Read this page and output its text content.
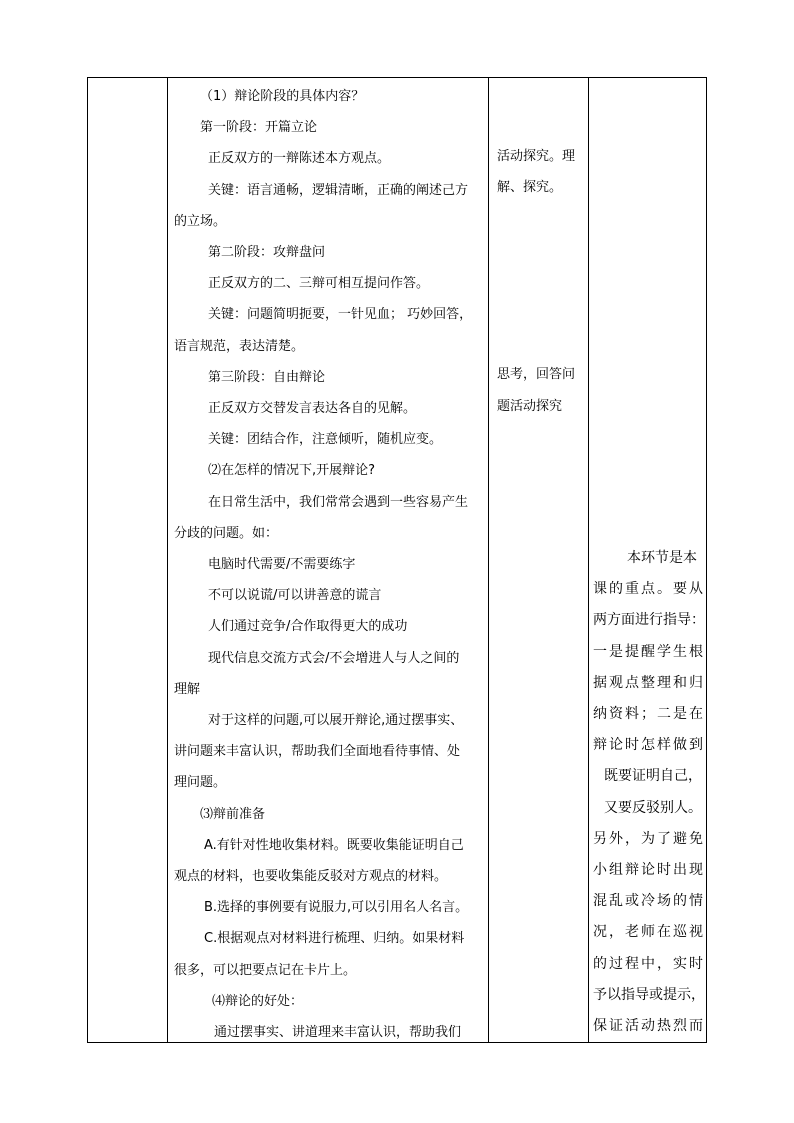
（1）辩论阶段的具体内容？
第一阶段：开篇立论
正反双方的一辩陈述本方观点。
关键：语言通畅，逻辑清晰，正确的阐述己方
的立场。
第二阶段：攻辩盘问
正反双方的二、三辩可相互提问作答。
关键：问题简明扼要，一针见血； 巧妙回答，
语言规范，表达清楚。
第三阶段：自由辩论
正反双方交替发言表达各自的见解。
关键：团结合作，注意倾听，随机应变。
⑵在怎样的情况下,开展辩论?
在日常生活中，我们常常会遇到一些容易产生
分歧的问题。如：
电脑时代需要/不需要练字
不可以说谎/可以讲善意的谎言
人们通过竞争/合作取得更大的成功
现代信息交流方式会/不会增进人与人之间的
理解
对于这样的问题,可以展开辩论,通过摆事实、
讲问题来丰富认识，帮助我们全面地看待事情、处
理问题。
⑶辩前准备
A.有针对性地收集材料。既要收集能证明自己
观点的材料，也要收集能反驳对方观点的材料。
B.选择的事例要有说服力,可以引用名人名言。
C.根据观点对材料进行梳理、归纳。如果材料
很多，可以把要点记在卡片上。
⑷辩论的好处：
通过摆事实、讲道理来丰富认识，帮助我们
活动探究。理
解、探究。
思考，回答问
题活动探究
本环节是本
课的重点。要从
两方面进行指导：
一是提醒学生根
据观点整理和归
纳资料；二是在
辩论时怎样做到
既要证明自己，
又要反驳别人。
另外，为了避免
小组辩论时出现
混乱或冷场的情
况，老师在巡视
的过程中，实时
予以指导或提示，
保证活动热烈而
